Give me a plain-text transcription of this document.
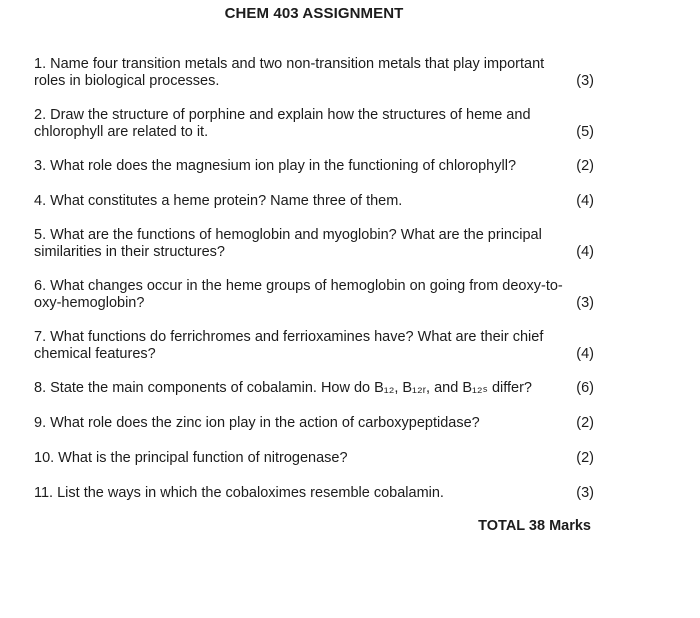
CHEM 403 ASSIGNMENT
1. Name four transition metals and two non-transition metals that play important roles in biological processes.	(3)
2. Draw the structure of porphine and explain how the structures of heme and chlorophyll are related to it.	(5)
3. What role does the magnesium ion play in the functioning of chlorophyll?	(2)
4. What constitutes a heme protein? Name three of them.	(4)
5. What are the functions of hemoglobin and myoglobin? What are the principal similarities in their structures?	(4)
6. What changes occur in the heme groups of hemoglobin on going from deoxy-to-oxy-hemoglobin?	(3)
7. What functions do ferrichromes and ferrioxamines have? What are their chief chemical features?	(4)
8. State the main components of cobalamin. How do B₁₂, B₁₂ᵣ, and B₁₂ₛ differ?	(6)
9. What role does the zinc ion play in the action of carboxypeptidase?	(2)
10. What is the principal function of nitrogenase?	(2)
11. List the ways in which the cobaloximes resemble cobalamin.	(3)
TOTAL 38 Marks
